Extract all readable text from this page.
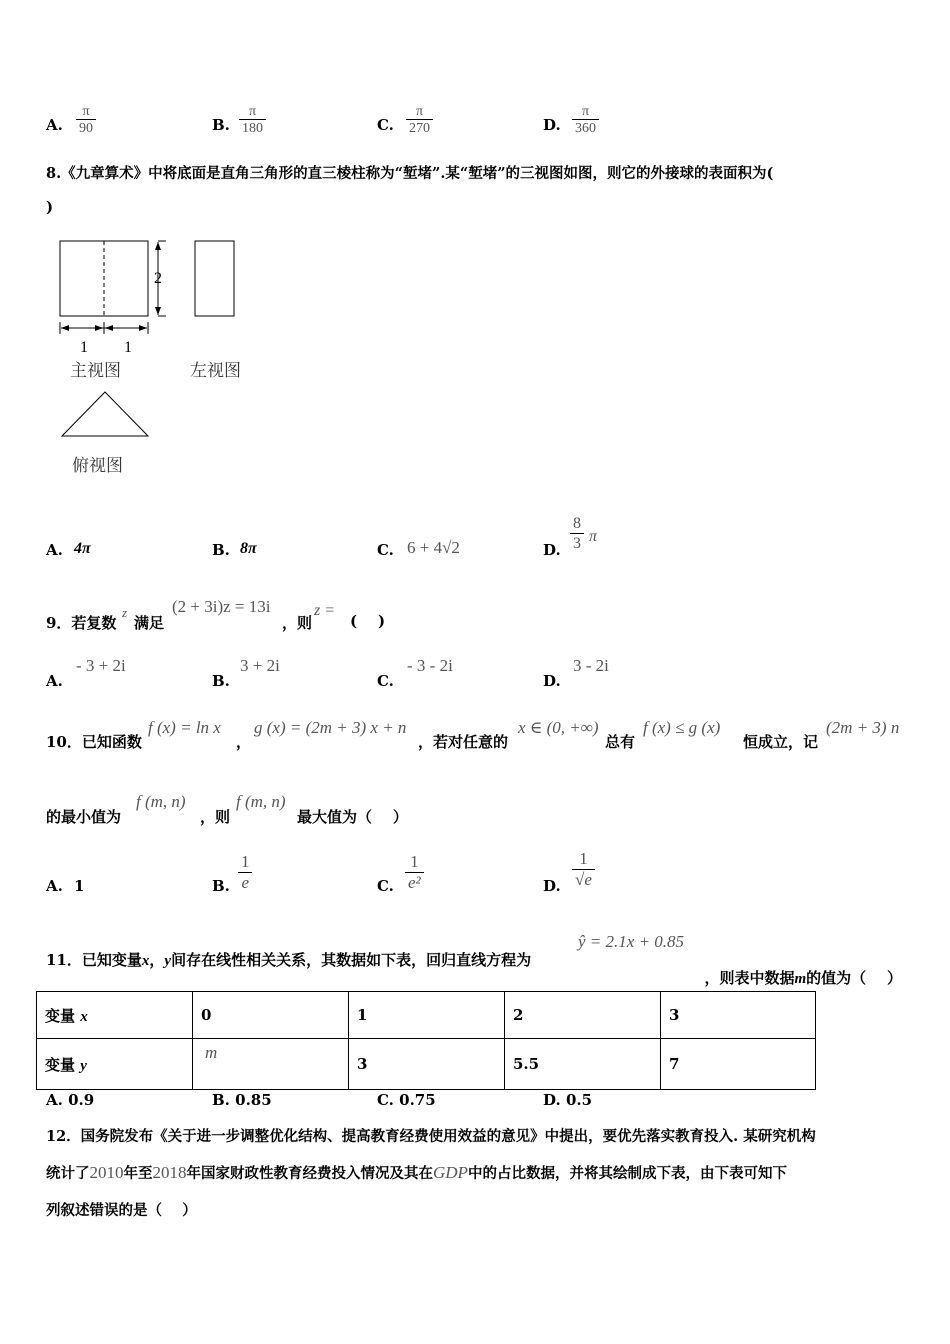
A. $\frac{\pi}{90}$	B. $\frac{\pi}{180}$	C. $\frac{\pi}{270}$	D. $\frac{\pi}{360}$
8.《九章算术》中将底面是直角三角形的直三棱柱称为“堑堵”.某“堑堵”的三视图如图，则它的外接球的表面积为(
)
2
1 1
主视图	左视图
俯视图
A. 4π	B. 8π	C. 6 + 4√2	D. $\frac{8}{3}$ π
9．若复数
z
满足
(2 + 3i)z = 13i
，则
z =
(    )
A.
- 3 + 2i
B.
3 + 2i
C.
- 3 - 2i
D.
3 - 2i
10．已知函数
f (x) = ln x
，
g (x) = (2m + 3) x + n
，若对任意的
x ∈ (0, +∞)
总有
f (x) ≤ g (x)
恒成立，记
(2m + 3) n
的最小值为
f (m, n)
，则
f (m, n)
最大值为（    ）
A. 1	B. $\frac{1}{e}$	C. $\frac{1}{\text{e²}}$	D. $\frac{1}{√e}$
11．已知变量x，y间存在线性相关关系，其数据如下表，回归直线方程为
ŷ = 2.1x + 0.85

，则表中数据m的值为（    ）

变量 x	0	1	2	3
变量 y	m	3	5.5	7
A. 0.9	B. 0.85	C. 0.75	D. 0.5
12．国务院发布《关于进一步调整优化结构、提高教育经费使用效益的意见》中提出，要优先落实教育投入. 某研究机构
统计了2010年至2018年国家财政性教育经费投入情况及其在GDP中的占比数据，并将其绘制成下表，由下表可知下
列叙述错误的是（    ）
